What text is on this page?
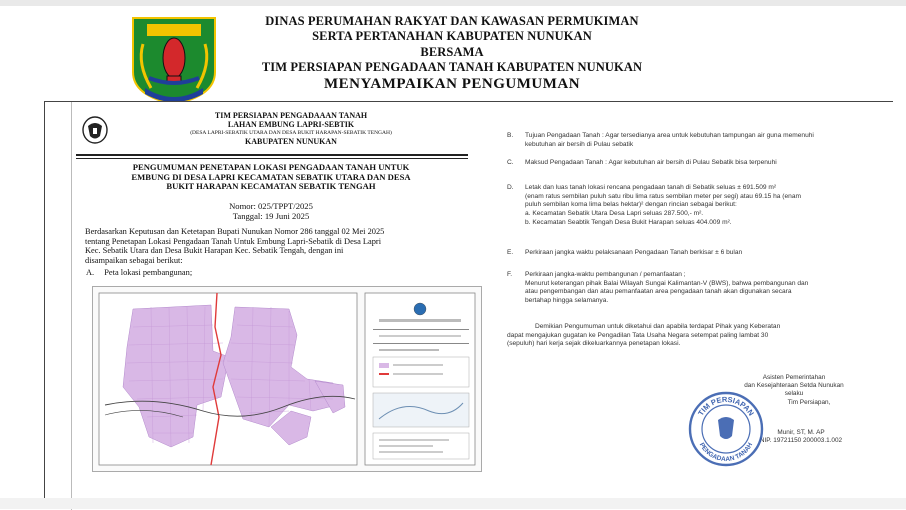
DINAS PERUMAHAN RAKYAT DAN KAWASAN PERMUKIMAN
SERTA PERTANAHAN KABUPATEN NUNUKAN
BERSAMA
TIM PERSIAPAN PENGADAAN TANAH KABUPATEN NUNUKAN
MENYAMPAIKAN PENGUMUMAN
TIM PERSIAPAN PENGADAAAN TANAH
LAHAN EMBUNG LAPRI-SEBTIK
(DESA LAPRI-SEBATIK UTARA DAN DESA BUKIT HARAPAN-SEBATIK TENGAH)
KABUPATEN NUNUKAN
PENGUMUMAN PENETAPAN LOKASI PENGADAAN TANAH UNTUK
EMBUNG DI DESA LAPRI KECAMATAN SEBATIK UTARA DAN DESA
BUKIT HARAPAN KECAMATAN SEBATIK TENGAH
Nomor: 025/TPPT/2025
Tanggal: 19 Juni 2025
Berdasarkan Keputusan dan Ketetapan Bupati Nunukan Nomor 286 tanggal 02 Mei 2025
tentang Penetapan Lokasi Pengadaan Tanah Untuk Embung Lapri-Sebatik di Desa Lapri
Kec. Sebatik Utara dan Desa Bukit Harapan Kec. Sebatik Tengah, dengan ini
disampaikan sebagai berikut:
A. Peta lokasi pembangunan;
B. Tujuan Pengadaan Tanah : Agar tersedianya area untuk kebutuhan tampungan air guna memenuhi
kebutuhan air bersih di Pulau sebatik
C. Maksud Pengadaan Tanah : Agar kebutuhan air bersih di Pulau Sebatik bisa terpenuhi
D. Letak dan luas tanah lokasi rencana pengadaan tanah di Sebatik seluas ± 691.509 m²
(enam ratus sembilan puluh satu ribu lima ratus sembilan meter per segi) atau 69.15 ha (enam
puluh sembilan koma lima belas hektar)² dengan rincian sebagai berikut:
a. Kecamatan Sebatik Utara Desa Lapri seluas 287.500,- m².
b. Kecamatan Seabtik Tengah Desa Bukit Harapan seluas 404.009 m².
E. Perkiraan jangka waktu pelaksanaan Pengadaan Tanah berkisar ± 6 bulan
F. Perkiraan jangka-waktu pembangunan / pemanfaatan ;
Menurut keterangan pihak Balai Wilayah Sungai Kalimantan-V (BWS), bahwa pembangunan dan
atau pengembangan dan atau pemanfaatan area pengadaan tanah akan digunakan secara
bertahap hingga selamanya.
Demikian Pengumuman untuk diketahui dan apabila terdapat Pihak yang Keberatan
dapat mengajukan gugatan ke Pengadilan Tata Usaha Negara setempat paling lambat 30
(sepuluh) hari kerja sejak dikeluarkannya penetapan lokasi.
Asisten Pemerintahan
dan Kesejahteraan Setda Nunukan
selaku
Tim Persiapan,
Munir, ST, M. AP
NIP. 19721150 200003.1.002
TIM PERSIAPAN
PENGADAAN TANAH
